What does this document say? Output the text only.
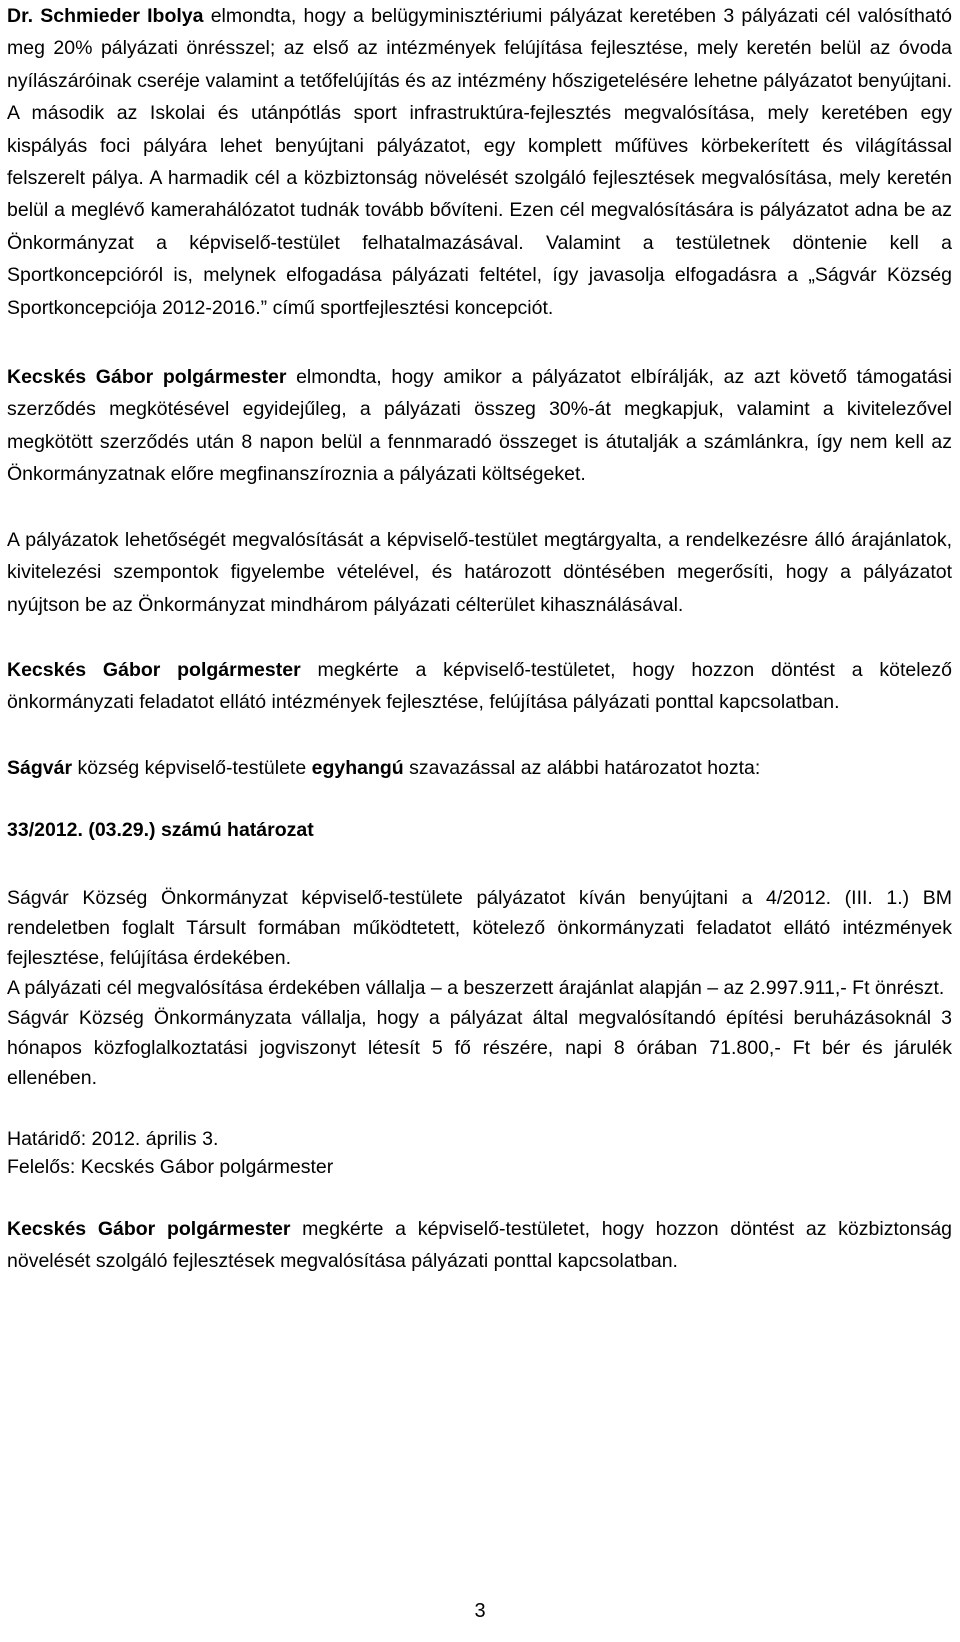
Dr. Schmieder Ibolya elmondta, hogy a belügyminisztériumi pályázat keretében 3 pályázati cél valósítható meg 20% pályázati önrésszel; az első az intézmények felújítása fejlesztése, mely keretén belül az óvoda nyílászáróinak cseréje valamint a tetőfelújítás és az intézmény hőszigetelésére lehetne pályázatot benyújtani. A második az Iskolai és utánpótlás sport infrastruktúra-fejlesztés megvalósítása, mely keretében egy kispályás foci pályára lehet benyújtani pályázatot, egy komplett műfüves körbekerített és világítással felszerelt pálya. A harmadik cél a közbiztonság növelését szolgáló fejlesztések megvalósítása, mely keretén belül a meglévő kamerahálózatot tudnák tovább bővíteni. Ezen cél megvalósítására is pályázatot adna be az Önkormányzat a képviselő-testület felhatalmazásával. Valamint a testületnek döntenie kell a Sportkoncepcióról is, melynek elfogadása pályázati feltétel, így javasolja elfogadásra a „Ságvár Község Sportkoncepciója 2012-2016.” című sportfejlesztési koncepciót.

Kecskés Gábor polgármester elmondta, hogy amikor a pályázatot elbírálják, az azt követő támogatási szerződés megkötésével egyidejűleg, a pályázati összeg 30%-át megkapjuk, valamint a kivitelezővel megkötött szerződés után 8 napon belül a fennmaradó összeget is átutalják a számlánkra, így nem kell az Önkormányzatnak előre megfinanszíroznia a pályázati költségeket.

A pályázatok lehetőségét megvalósítását a képviselő-testület megtárgyalta, a rendelkezésre álló árajánlatok, kivitelezési szempontok figyelembe vételével, és határozott döntésében megerősíti, hogy a pályázatot nyújtson be az Önkormányzat mindhárom pályázati célterület kihasználásával.

Kecskés Gábor polgármester megkérte a képviselő-testületet, hogy hozzon döntést a kötelező önkormányzati feladatot ellátó intézmények fejlesztése, felújítása pályázati ponttal kapcsolatban.

Ságvár község képviselő-testülete egyhangú szavazással az alábbi határozatot hozta:

33/2012. (03.29.) számú határozat

Ságvár Község Önkormányzat képviselő-testülete pályázatot kíván benyújtani a 4/2012. (III. 1.) BM rendeletben foglalt Társult formában működtetett, kötelező önkormányzati feladatot ellátó intézmények fejlesztése, felújítása érdekében.

A pályázati cél megvalósítása érdekében vállalja – a beszerzett árajánlat alapján – az 2.997.911,- Ft önrészt.

Ságvár Község Önkormányzata vállalja, hogy a pályázat által megvalósítandó építési beruházásoknál 3 hónapos közfoglalkoztatási jogviszonyt létesít 5 fő részére, napi 8 órában 71.800,- Ft bér és járulék ellenében.

Határidő: 2012. április 3.

Felelős: Kecskés Gábor polgármester

Kecskés Gábor polgármester megkérte a képviselő-testületet, hogy hozzon döntést az közbiztonság növelését szolgáló fejlesztések megvalósítása pályázati ponttal kapcsolatban.

3
